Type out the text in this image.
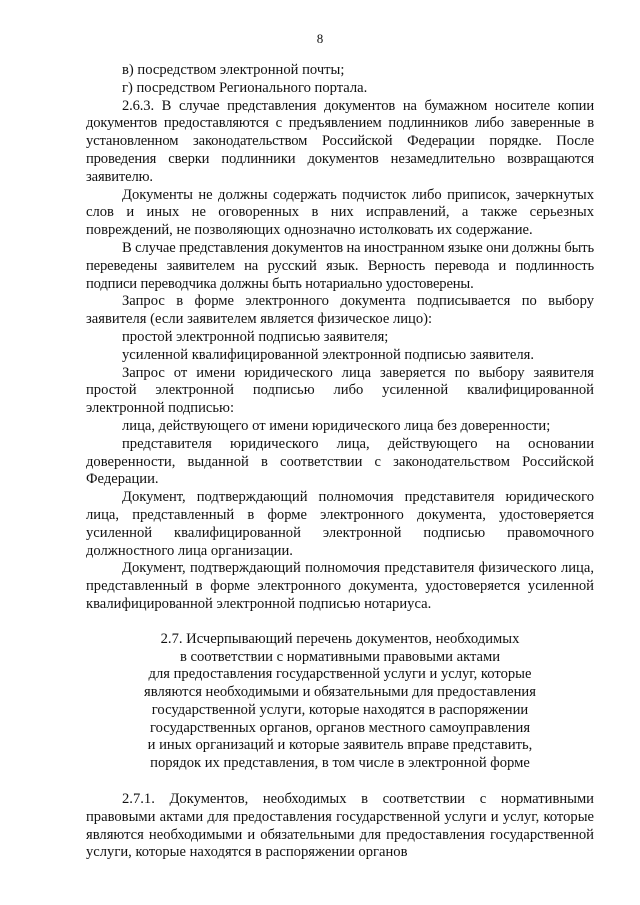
8

в) посредством электронной почты;

г) посредством Регионального портала.

2.6.3. В случае представления документов на бумажном носителе копии документов предоставляются с предъявлением подлинников либо заверенные в установленном законодательством Российской Федерации порядке. После проведения сверки подлинники документов незамедлительно возвращаются заявителю.

Документы не должны содержать подчисток либо приписок, зачеркнутых слов и иных не оговоренных в них исправлений, а также серьезных повреждений, не позволяющих однозначно истолковать их содержание.

В случае представления документов на иностранном языке они должны быть переведены заявителем на русский язык. Верность перевода и подлинность подписи переводчика должны быть нотариально удостоверены.

Запрос в форме электронного документа подписывается по выбору заявителя (если заявителем является физическое лицо):

простой электронной подписью заявителя;

усиленной квалифицированной электронной подписью заявителя.

Запрос от имени юридического лица заверяется по выбору заявителя простой электронной подписью либо усиленной квалифицированной электронной подписью:

лица, действующего от имени юридического лица без доверенности;

представителя юридического лица, действующего на основании доверенности, выданной в соответствии с законодательством Российской Федерации.

Документ, подтверждающий полномочия представителя юридического лица, представленный в форме электронного документа, удостоверяется усиленной квалифицированной электронной подписью правомочного должностного лица организации.

Документ, подтверждающий полномочия представителя физического лица, представленный в форме электронного документа, удостоверяется усиленной квалифицированной электронной подписью нотариуса.

2.7. Исчерпывающий перечень документов, необходимых
в соответствии с нормативными правовыми актами
для предоставления государственной услуги и услуг, которые
являются необходимыми и обязательными для предоставления
государственной услуги, которые находятся в распоряжении
государственных органов, органов местного самоуправления
и иных организаций и которые заявитель вправе представить,
порядок их представления, в том числе в электронной форме

2.7.1. Документов, необходимых в соответствии с нормативными правовыми актами для предоставления государственной услуги и услуг, которые являются необходимыми и обязательными для предоставления государственной услуги, которые находятся в распоряжении органов
